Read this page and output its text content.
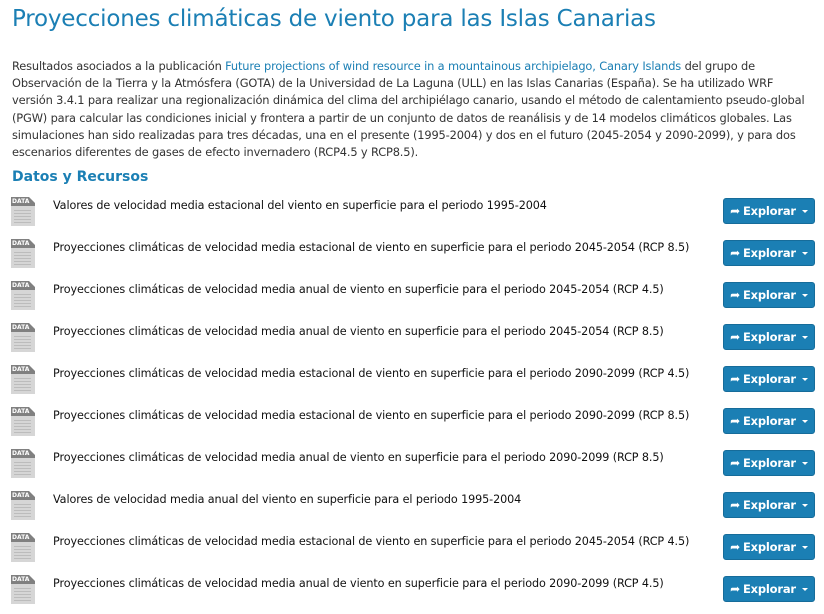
Proyecciones climáticas de viento para las Islas Canarias

Resultados asociados a la publicación Future projections of wind resource in a mountainous archipielago, Canary Islands del grupo de Observación de la Tierra y la Atmósfera (GOTA) de la Universidad de La Laguna (ULL) en las Islas Canarias (España). Se ha utilizado WRF versión 3.4.1 para realizar una regionalización dinámica del clima del archipiélago canario, usando el método de calentamiento pseudo-global (PGW) para calcular las condiciones inicial y frontera a partir de un conjunto de datos de reanálisis y de 14 modelos climáticos globales. Las simulaciones han sido realizadas para tres décadas, una en el presente (1995-2004) y dos en el futuro (2045-2054 y 2090-2099), y para dos escenarios diferentes de gases de efecto invernadero (RCP4.5 y RCP8.5).

Datos y Recursos
DATA	Valores de velocidad media estacional del viento en superficie para el periodo 1995-2004	➦ Explorar
DATA	Proyecciones climáticas de velocidad media estacional de viento en superficie para el periodo 2045-2054 (RCP 8.5)	➦ Explorar
DATA	Proyecciones climáticas de velocidad media anual de viento en superficie para el periodo 2045-2054 (RCP 4.5)	➦ Explorar
DATA	Proyecciones climáticas de velocidad media anual de viento en superficie para el periodo 2045-2054 (RCP 8.5)	➦ Explorar
DATA	Proyecciones climáticas de velocidad media estacional de viento en superficie para el periodo 2090-2099 (RCP 4.5)	➦ Explorar
DATA	Proyecciones climáticas de velocidad media estacional de viento en superficie para el periodo 2090-2099 (RCP 8.5)	➦ Explorar
DATA	Proyecciones climáticas de velocidad media anual de viento en superficie para el periodo 2090-2099 (RCP 8.5)	➦ Explorar
DATA	Valores de velocidad media anual del viento en superficie para el periodo 1995-2004	➦ Explorar
DATA	Proyecciones climáticas de velocidad media estacional de viento en superficie para el periodo 2045-2054 (RCP 4.5)	➦ Explorar
DATA	Proyecciones climáticas de velocidad media anual de viento en superficie para el periodo 2090-2099 (RCP 4.5)	➦ Explorar
